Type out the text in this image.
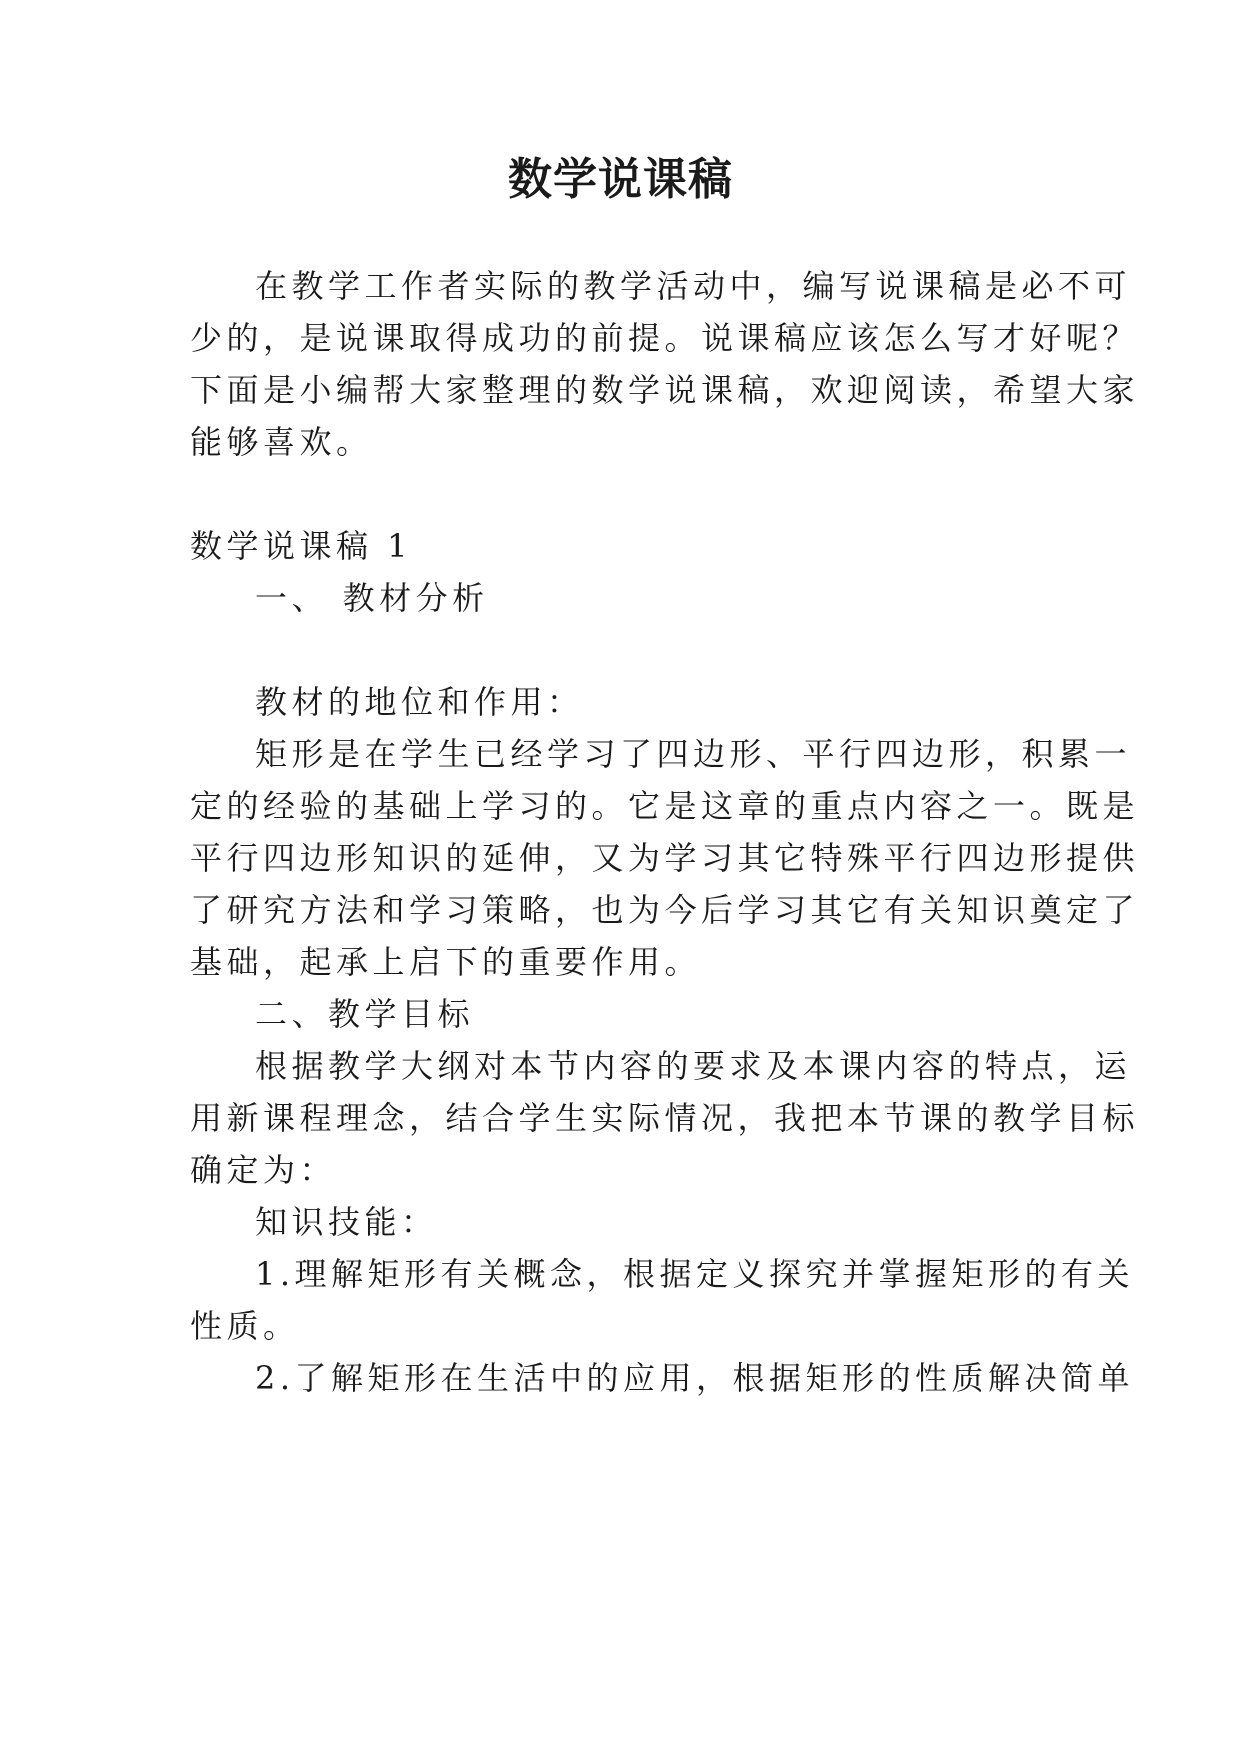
数学说课稿
在教学工作者实际的教学活动中，编写说课稿是必不可
少的，是说课取得成功的前提。说课稿应该怎么写才好呢？
下面是小编帮大家整理的数学说课稿，欢迎阅读，希望大家
能够喜欢。
数学说课稿 1
一、 教材分析
教材的地位和作用：
矩形是在学生已经学习了四边形、平行四边形，积累一
定的经验的基础上学习的。它是这章的重点内容之一。既是
平行四边形知识的延伸，又为学习其它特殊平行四边形提供
了研究方法和学习策略，也为今后学习其它有关知识奠定了
基础，起承上启下的重要作用。
二、教学目标
根据教学大纲对本节内容的要求及本课内容的特点，运
用新课程理念，结合学生实际情况，我把本节课的教学目标
确定为：
知识技能：
1.理解矩形有关概念，根据定义探究并掌握矩形的有关
性质。
2.了解矩形在生活中的应用，根据矩形的性质解决简单
